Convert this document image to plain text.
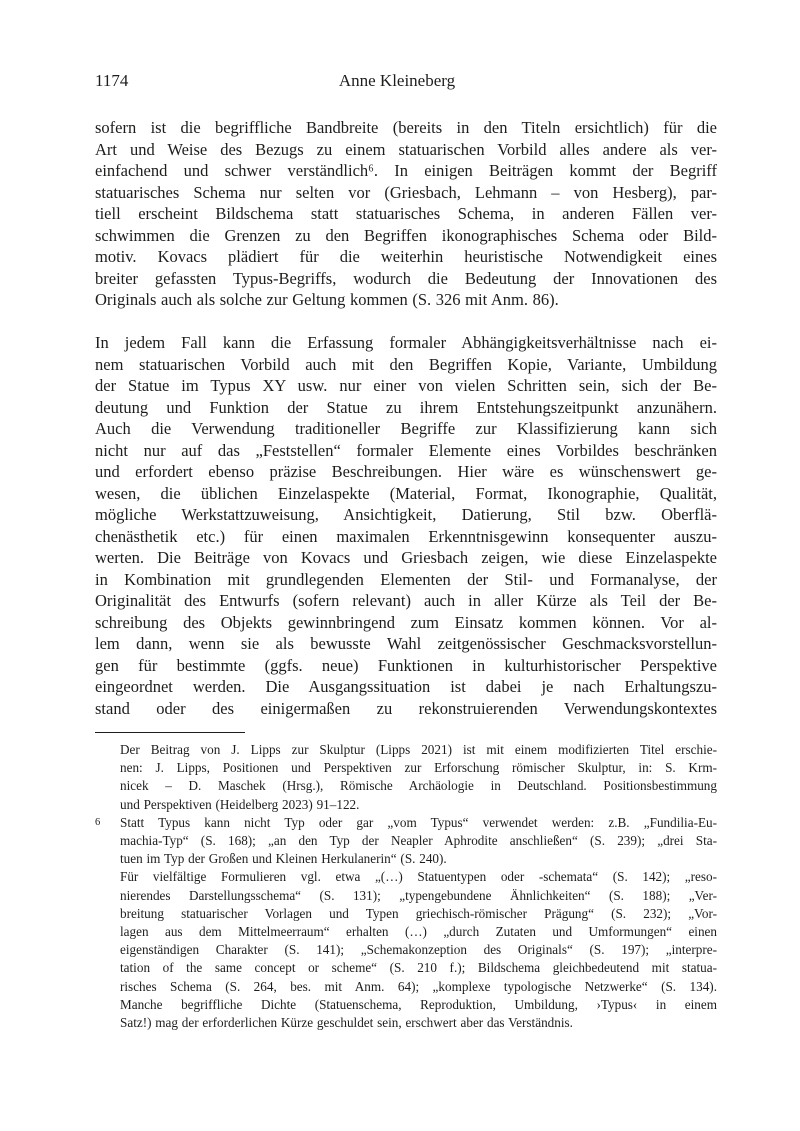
1174	Anne Kleineberg
sofern ist die begriffliche Bandbreite (bereits in den Titeln ersichtlich) für die
Art und Weise des Bezugs zu einem statuarischen Vorbild alles andere als ver-
einfachend und schwer verständlich⁶. In einigen Beiträgen kommt der Begriff
statuarisches Schema nur selten vor (Griesbach, Lehmann – von Hesberg), par-
tiell erscheint Bildschema statt statuarisches Schema, in anderen Fällen ver-
schwimmen die Grenzen zu den Begriffen ikonographisches Schema oder Bild-
motiv. Kovacs plädiert für die weiterhin heuristische Notwendigkeit eines
breiter gefassten Typus-Begriffs, wodurch die Bedeutung der Innovationen des
Originals auch als solche zur Geltung kommen (S. 326 mit Anm. 86).
In jedem Fall kann die Erfassung formaler Abhängigkeitsverhältnisse nach ei-
nem statuarischen Vorbild auch mit den Begriffen Kopie, Variante, Umbildung
der Statue im Typus XY usw. nur einer von vielen Schritten sein, sich der Be-
deutung und Funktion der Statue zu ihrem Entstehungszeitpunkt anzunähern.
Auch die Verwendung traditioneller Begriffe zur Klassifizierung kann sich
nicht nur auf das „Feststellen“ formaler Elemente eines Vorbildes beschränken
und erfordert ebenso präzise Beschreibungen. Hier wäre es wünschenswert ge-
wesen, die üblichen Einzelaspekte (Material, Format, Ikonographie, Qualität,
mögliche Werkstattzuweisung, Ansichtigkeit, Datierung, Stil bzw. Oberflä-
chenästhetik etc.) für einen maximalen Erkenntnisgewinn konsequenter auszu-
werten. Die Beiträge von Kovacs und Griesbach zeigen, wie diese Einzelaspekte
in Kombination mit grundlegenden Elementen der Stil- und Formanalyse, der
Originalität des Entwurfs (sofern relevant) auch in aller Kürze als Teil der Be-
schreibung des Objekts gewinnbringend zum Einsatz kommen können. Vor al-
lem dann, wenn sie als bewusste Wahl zeitgenössischer Geschmacksvorstellun-
gen für bestimmte (ggfs. neue) Funktionen in kulturhistorischer Perspektive
eingeordnet werden. Die Ausgangssituation ist dabei je nach Erhaltungszu-
stand oder des einigermaßen zu rekonstruierenden Verwendungskontextes
Der Beitrag von J. Lipps zur Skulptur (Lipps 2021) ist mit einem modifizierten Titel erschie-
nen: J. Lipps, Positionen und Perspektiven zur Erforschung römischer Skulptur, in: S. Krm-
nicek – D. Maschek (Hrsg.), Römische Archäologie in Deutschland. Positionsbestimmung
und Perspektiven (Heidelberg 2023) 91–122.
6	Statt Typus kann nicht Typ oder gar „vom Typus“ verwendet werden: z.B. „Fundilia-Eu-
machia-Typ“ (S. 168); „an den Typ der Neapler Aphrodite anschließen“ (S. 239); „drei Sta-
tuen im Typ der Großen und Kleinen Herkulanerin“ (S. 240).
Für vielfältige Formulieren vgl. etwa „(…) Statuentypen oder -schemata“ (S. 142); „reso-
nierendes Darstellungsschema“ (S. 131); „typengebundene Ähnlichkeiten“ (S. 188); „Ver-
breitung statuarischer Vorlagen und Typen griechisch-römischer Prägung“ (S. 232); „Vor-
lagen aus dem Mittelmeerraum“ erhalten (…) „durch Zutaten und Umformungen“ einen
eigenständigen Charakter (S. 141); „Schemakonzeption des Originals“ (S. 197); „interpre-
tation of the same concept or scheme“ (S. 210 f.); Bildschema gleichbedeutend mit statua-
risches Schema (S. 264, bes. mit Anm. 64); „komplexe typologische Netzwerke“ (S. 134).
Manche begriffliche Dichte (Statuenschema, Reproduktion, Umbildung, ›Typus‹ in einem
Satz!) mag der erforderlichen Kürze geschuldet sein, erschwert aber das Verständnis.
